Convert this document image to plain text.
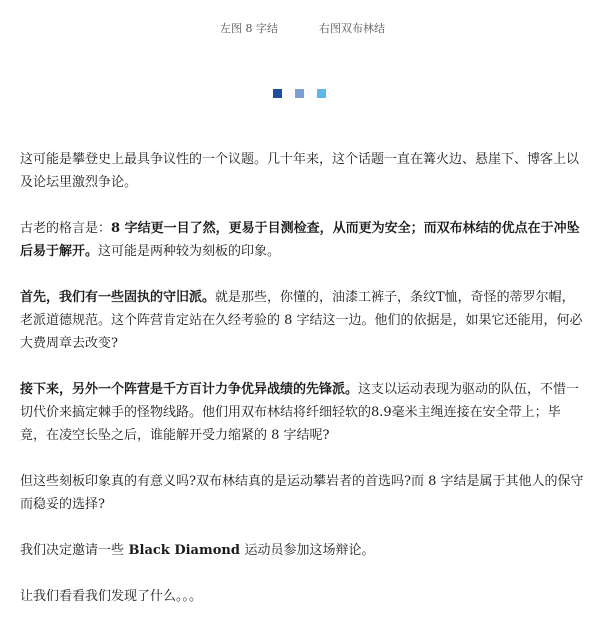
左图 8 字结	右图双布林结

这可能是攀登史上最具争议性的一个议题。几十年来，这个话题一直在篝火边、悬崖下、博客上以及论坛里激烈争论。

古老的格言是：8 字结更一目了然，更易于目测检查，从而更为安全；而双布林结的优点在于冲坠后易于解开。这可能是两种较为刻板的印象。

首先，我们有一些固执的守旧派。就是那些，你懂的，油漆工裤子，条纹T恤，奇怪的蒂罗尔帽，老派道德规范。这个阵营肯定站在久经考验的 8 字结这一边。他们的依据是，如果它还能用，何必大费周章去改变?

接下来，另外一个阵营是千方百计力争优异战绩的先锋派。这支以运动表现为驱动的队伍，不惜一切代价来搞定棘手的怪物线路。他们用双布林结将纤细轻软的8.9毫米主绳连接在安全带上；毕竟，在凌空长坠之后，谁能解开受力缩紧的 8 字结呢?

但这些刻板印象真的有意义吗?双布林结真的是运动攀岩者的首选吗?而 8 字结是属于其他人的保守而稳妥的选择?

我们决定邀请一些 Black Diamond 运动员参加这场辩论。

让我们看看我们发现了什么。。。
